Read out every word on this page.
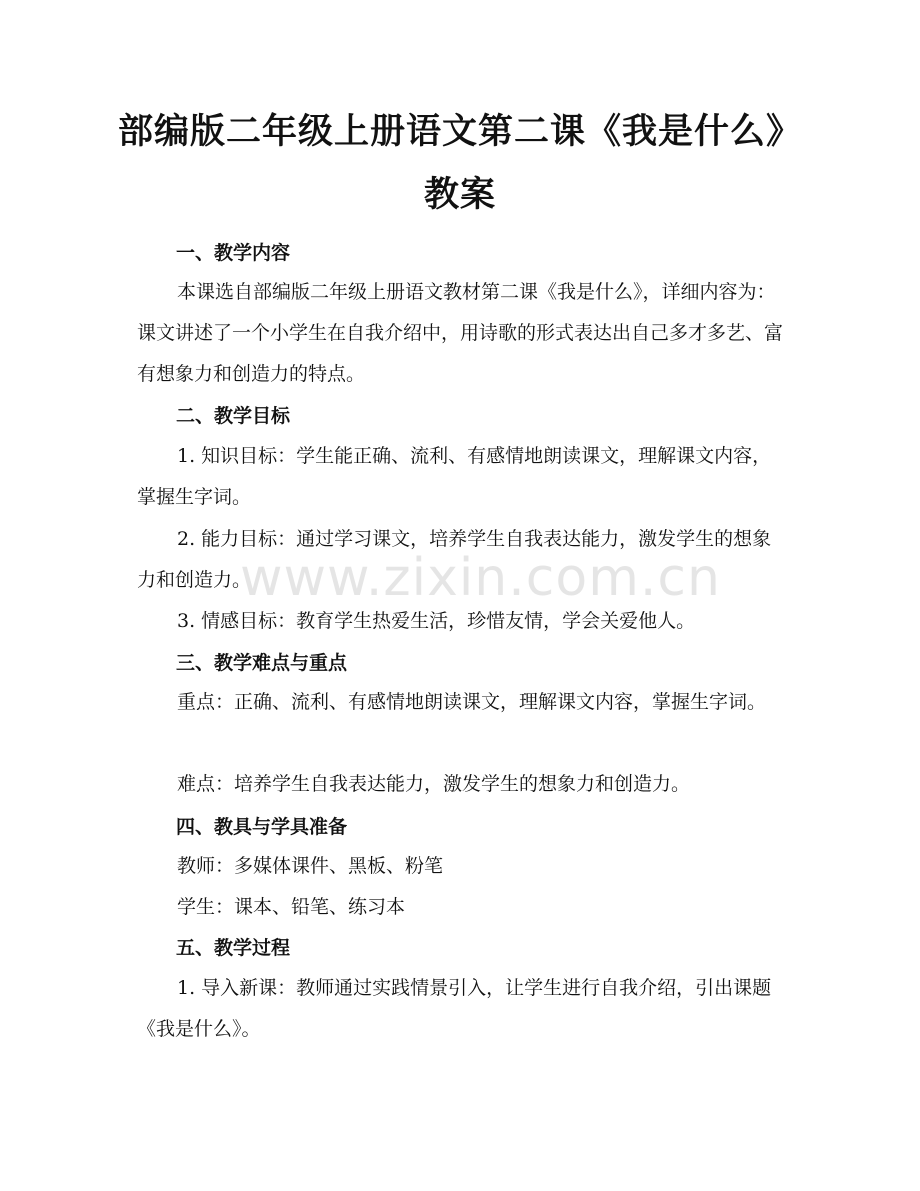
部编版二年级上册语文第二课《我是什么》
教案
一、教学内容

本课选自部编版二年级上册语文教材第二课《我是什么》，详细内容为：课文讲述了一个小学生在自我介绍中，用诗歌的形式表达出自己多才多艺、富有想象力和创造力的特点。

二、教学目标

1. 知识目标：学生能正确、流利、有感情地朗读课文，理解课文内容，掌握生字词。

2. 能力目标：通过学习课文，培养学生自我表达能力，激发学生的想象力和创造力。

3. 情感目标：教育学生热爱生活，珍惜友情，学会关爱他人。

三、教学难点与重点

重点：正确、流利、有感情地朗读课文，理解课文内容，掌握生字词。

难点：培养学生自我表达能力，激发学生的想象力和创造力。

四、教具与学具准备

教师：多媒体课件、黑板、粉笔

学生：课本、铅笔、练习本

五、教学过程

1. 导入新课：教师通过实践情景引入，让学生进行自我介绍，引出课题《我是什么》。

www.zixin.com.cn
